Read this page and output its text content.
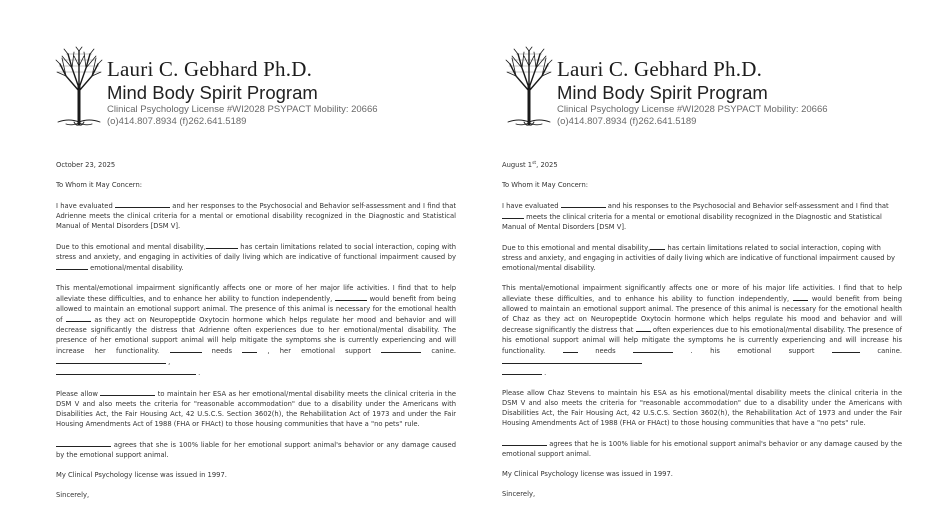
Lauri C. Gebhard Ph.D.
Mind Body Spirit Program
Clinical Psychology License #WI2028 PSYPACT Mobility: 20666
(o)414.807.8934 (f)262.641.5189

October 23, 2025

To Whom it May Concern:

I have evaluated	and her responses to the Psychosocial and Behavior self-assessment and I find that Adrienne meets the clinical criteria for a mental or emotional disability recognized in the Diagnostic and Statistical Manual of Mental Disorders [DSM V].

Due to this emotional and mental disability,	has certain limitations related to social interaction, coping with stress and anxiety, and engaging in activities of daily living which are indicative of functional impairment caused by  emotional/mental disability.

This mental/emotional impairment significantly affects one or more of her major life activities. I find that to help alleviate these difficulties, and to enhance her ability to function independently,	would benefit from being allowed to maintain an emotional support animal. The presence of this animal is necessary for the emotional health of	as they act on Neuropeptide Oxytocin hormone which helps regulate her mood and behavior and will decrease significantly the distress that Adrienne often experiences due to her emotional/mental disability. The presence of her emotional support animal will help mitigate the symptoms she is currently experiencing and will increase her functionality.	needs  , her emotional support	canine.  ,
.

Please allow	to maintain her ESA as her emotional/mental disability meets the clinical criteria in the DSM V and also meets the criteria for "reasonable accommodation" due to a disability under the Americans with Disabilities Act, the Fair Housing Act, 42 U.S.C.S. Section 3602(h), the Rehabilitation Act of 1973 and under the Fair Housing Amendments Act of 1988 (FHA or FHAct) to those housing communities that have a "no pets" rule.

agrees that she is 100% liable for her emotional support animal's behavior or any damage caused by the emotional support animal.

My Clinical Psychology license was issued in 1997.

Sincerely,

Lauri C. Gebhard Ph.D.
Mind Body Spirit Program
Clinical Psychology License #WI2028 PSYPACT Mobility: 20666
(o)414.807.8934 (f)262.641.5189

August 1st, 2025

To Whom it May Concern:

I have evaluated	and his responses to the Psychosocial and Behavior self-assessment and I find that  meets the clinical criteria for a mental or emotional disability recognized in the Diagnostic and Statistical Manual of Mental Disorders [DSM V].

Due to this emotional and mental disability, has certain limitations related to social interaction, coping with stress and anxiety, and engaging in activities of daily living which are indicative of functional impairment caused by emotional/mental disability.

This mental/emotional impairment significantly affects one or more of his major life activities. I find that to help alleviate these difficulties, and to enhance his ability to function independently,  would benefit from being allowed to maintain an emotional support animal. The presence of this animal is necessary for the emotional health of Chaz as they act on Neuropeptide Oxytocin hormone which helps regulate his mood and behavior and will decrease significantly the distress that  often experiences due to his emotional/mental disability. The presence of his emotional support animal will help mitigate the symptoms he is currently experiencing and will increase his functionality.  needs	. his emotional support	canine.
.

Please allow Chaz Stevens to maintain his ESA as his emotional/mental disability meets the clinical criteria in the DSM V and also meets the criteria for "reasonable accommodation" due to a disability under the Americans with Disabilities Act, the Fair Housing Act, 42 U.S.C.S. Section 3602(h), the Rehabilitation Act of 1973 and under the Fair Housing Amendments Act of 1988 (FHA or FHAct) to those housing communities that have a "no pets" rule.

agrees that he is 100% liable for his emotional support animal's behavior or any damage caused by the emotional support animal.

My Clinical Psychology license was issued in 1997.

Sincerely,
